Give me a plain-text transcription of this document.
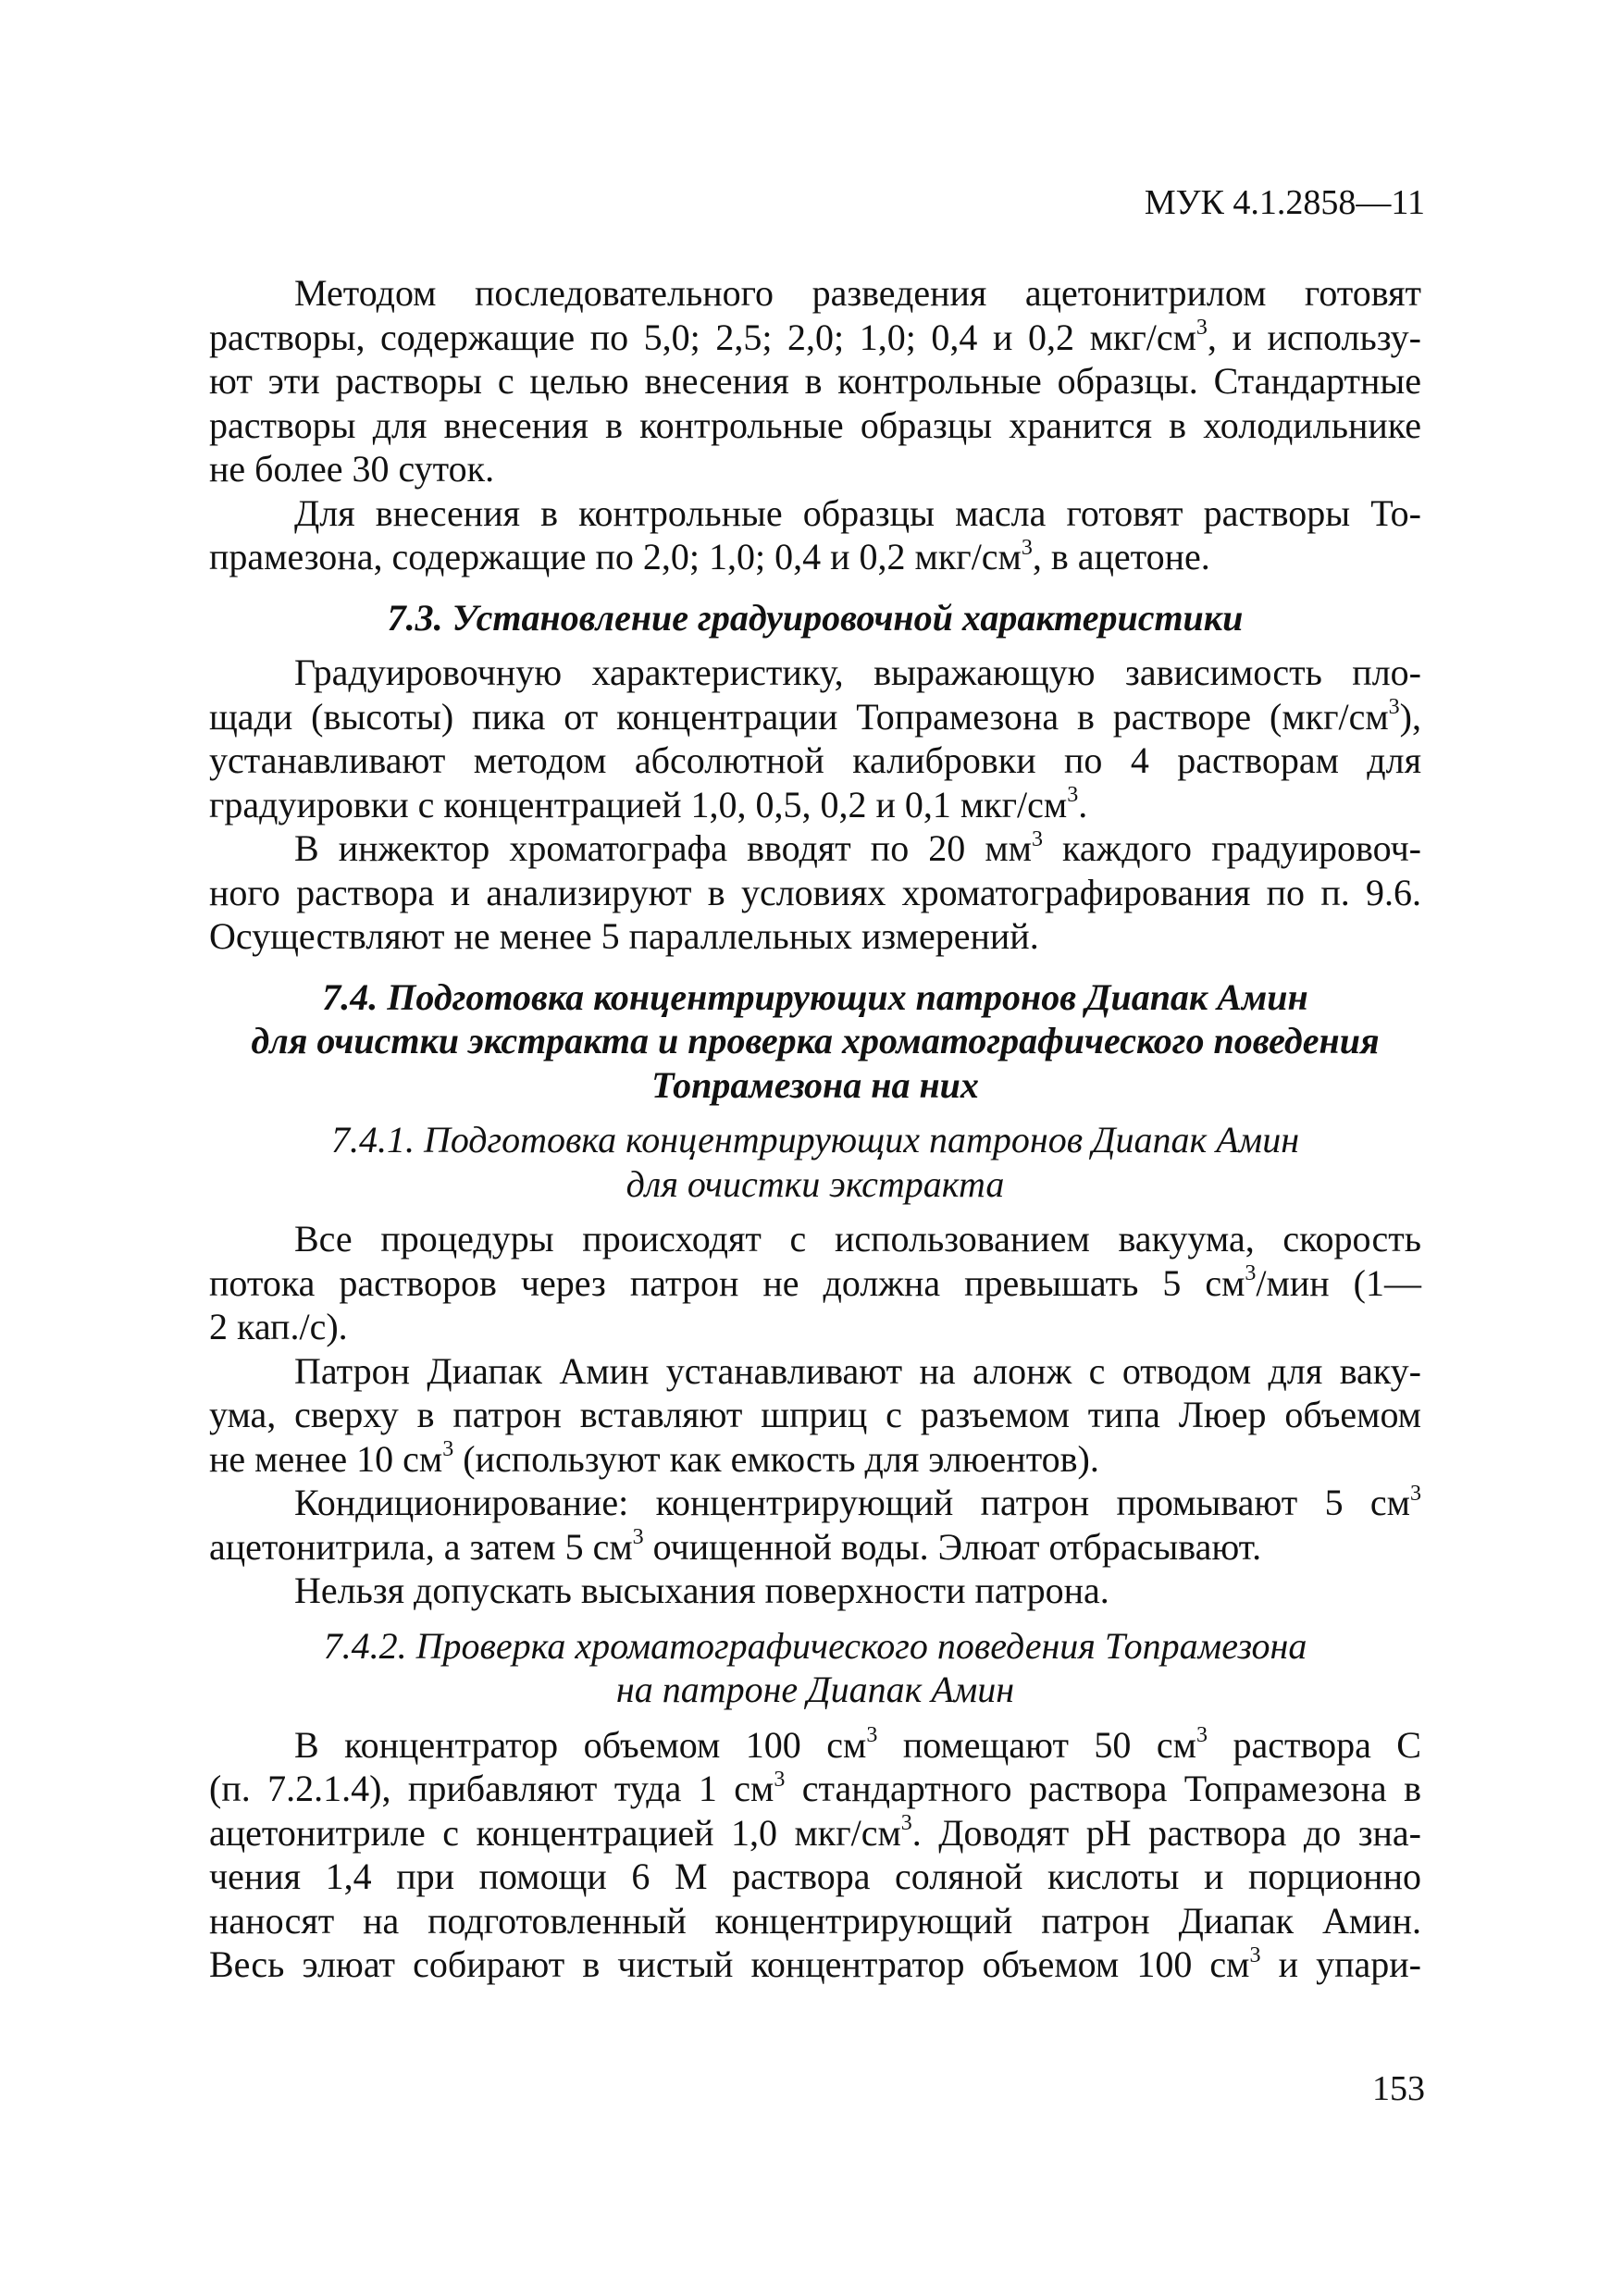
МУК 4.1.2858—11

Методом последовательного разведения ацетонитрилом готовят

растворы, содержащие по 5,0; 2,5; 2,0; 1,0; 0,4 и 0,2 мкг/$см^3$, и использу-

ют эти растворы с целью внесения в контрольные образцы. Стандартные

растворы для внесения в контрольные образцы хранится в холодильнике

не более 30 суток.

Для внесения в контрольные образцы масла готовят растворы То-

прамезона, содержащие по 2,0; 1,0; 0,4 и 0,2 мкг/$см^3$, в ацетоне.

7.3. Установление градуировочной характеристики

Градуировочную характеристику, выражающую зависимость пло-

щади (высоты) пика от концентрации Топрамезона в растворе $(мкг/см^3)$,

устанавливают методом абсолютной калибровки по 4 растворам для

градуировки с концентрацией 1,0, 0,5, 0,2 и 0,1 мкг/$см^3$.

В инжектор хроматографа вводят по 20 $мм^3$ каждого градуировоч-

ного раствора и анализируют в условиях хроматографирования по п. 9.6.

Осуществляют не менее 5 параллельных измерений.

7.4. Подготовка концентрирующих патронов Диапак Амин

для очистки экстракта и проверка хроматографического поведения

Топрамезона на них

7.4.1. Подготовка концентрирующих патронов Диапак Амин

для очистки экстракта

Все процедуры происходят с использованием вакуума, скорость

потока растворов через патрон не должна превышать 5 $см^3$/мин (1—

2 кап./с).

Патрон Диапак Амин устанавливают на алонж с отводом для ваку-

ума, сверху в патрон вставляют шприц с разъемом типа Люер объемом

не менее 10 $см^3$ (используют как емкость для элюентов).

Кондиционирование: концентрирующий патрон промывают 5 $см^3$

ацетонитрила, а затем 5 $см^3$ очищенной воды. Элюат отбрасывают.

Нельзя допускать высыхания поверхности патрона.

7.4.2. Проверка хроматографического поведения Топрамезона

на патроне Диапак Амин

В концентратор объемом 100 $см^3$ помещают 50 $см^3$ раствора С

(п. 7.2.1.4), прибавляют туда 1 $см^3$ стандартного раствора Топрамезона в

ацетонитриле с концентрацией 1,0 мкг/$см^3$. Доводят рН раствора до зна-

чения 1,4 при помощи 6 М раствора соляной кислоты и порционно

наносят на подготовленный концентрирующий патрон Диапак Амин.

Весь элюат собирают в чистый концентратор объемом 100 $см^3$ и упари-

153
